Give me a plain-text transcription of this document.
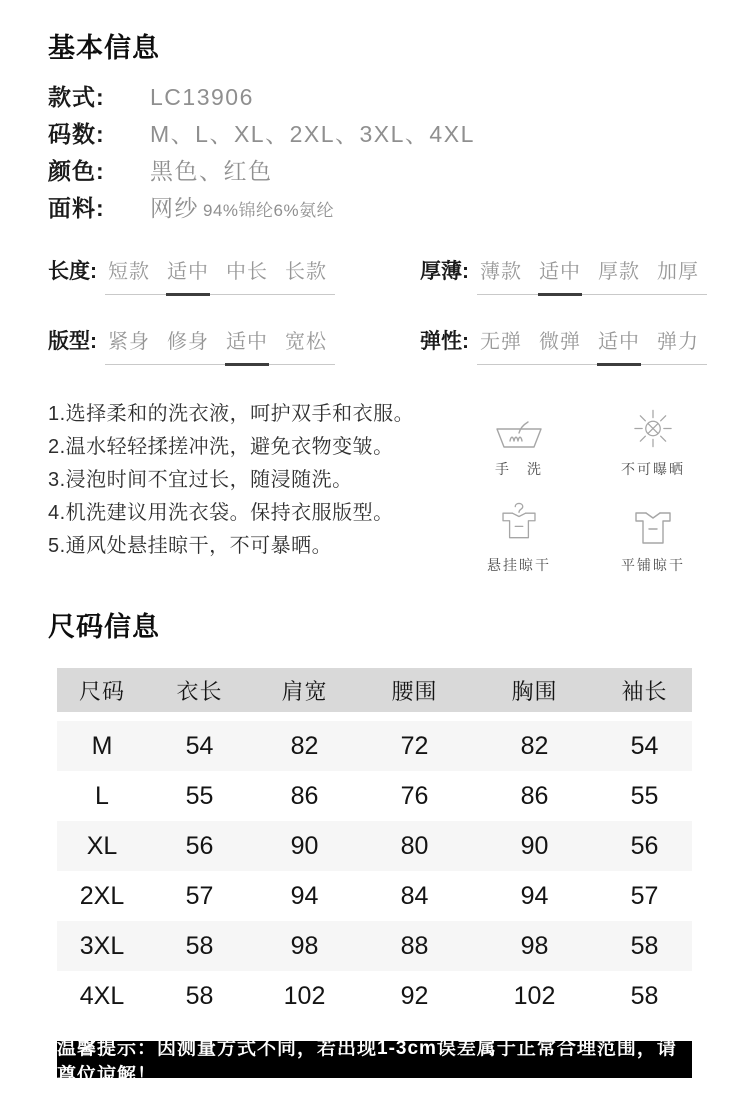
基本信息
款式:	LC13906
码数:	M、L、XL、2XL、3XL、4XL
颜色:	黑色、红色
面料:	网纱 94%锦纶6%氨纶
长度: 短款 适中 中长 长款	厚薄: 薄款 适中 厚款 加厚
版型: 紧身 修身 适中 宽松	弹性: 无弹 微弹 适中 弹力
1.选择柔和的洗衣液，呵护双手和衣服。
2.温水轻轻揉搓冲洗，避免衣物变皱。
3.浸泡时间不宜过长，随浸随洗。
4.机洗建议用洗衣袋。保持衣服版型。
5.通风处悬挂晾干，不可暴晒。
手　洗	不可曝晒
悬挂晾干	平铺晾干
尺码信息
尺码	衣长	肩宽	腰围	胸围	袖长

M	54	82	72	82	54
L	55	86	76	86	55
XL	56	90	80	90	56
2XL	57	94	84	94	57
3XL	58	98	88	98	58
4XL	58	102	92	102	58
温馨提示：因测量方式不同，若出现1-3cm误差属于正常合理范围，请尊位谅解！
